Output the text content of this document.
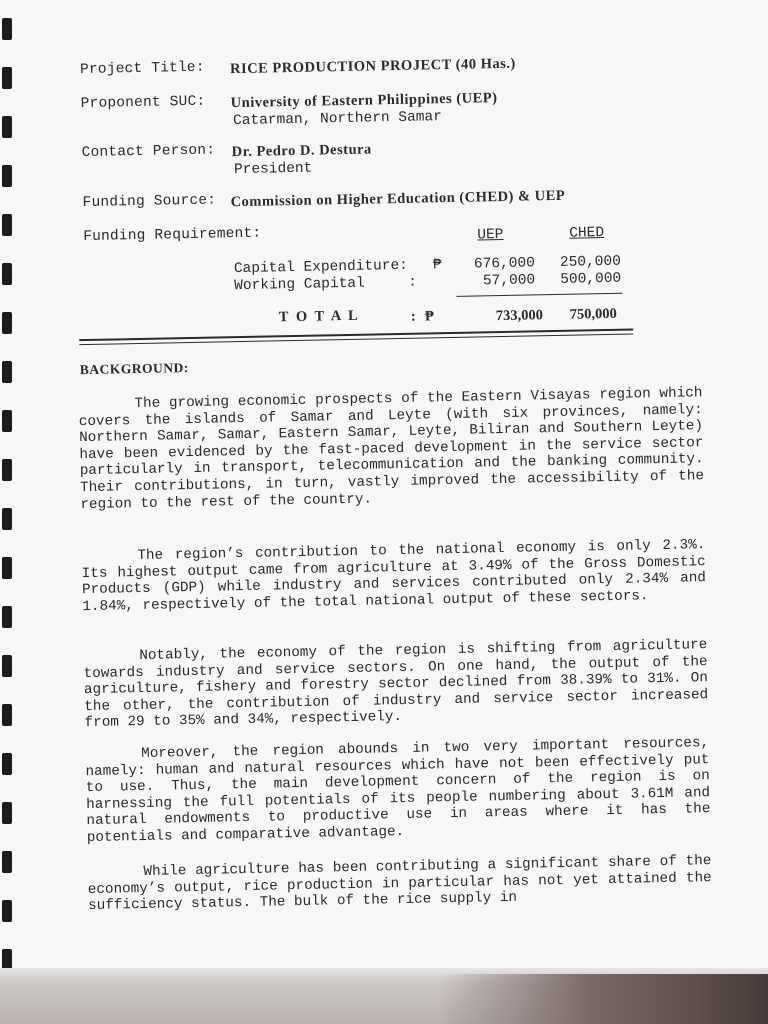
Project Title: RICE PRODUCTION PROJECT (40 Has.)
Proponent SUC: University of Eastern Philippines (UEP)
Catarman, Northern Samar
Contact Person: Dr. Pedro D. Destura
President
Funding Source: Commission on Higher Education (CHED) & UEP
Funding Requirement:	UEP	CHED
Capital Expenditure: ₱	676,000	250,000
Working Capital	:	57,000	500,000
T O T A L	: ₱	733,000	750,000
BACKGROUND:

The growing economic prospects of the Eastern Visayas region which covers the islands of Samar and Leyte (with six provinces, namely: Northern Samar, Samar, Eastern Samar, Leyte, Biliran and Southern Leyte) have been evidenced by the fast-paced development in the service sector particularly in transport, telecommunication and the banking community. Their contributions, in turn, vastly improved the accessibility of the region to the rest of the country.

The region’s contribution to the national economy is only 2.3%. Its highest output came from agriculture at 3.49% of the Gross Domestic Products (GDP) while industry and services contributed only 2.34% and 1.84%, respectively of the total national output of these sectors.

Notably, the economy of the region is shifting from agriculture towards industry and service sectors. On one hand, the output of the agriculture, fishery and forestry sector declined from 38.39% to 31%. On the other, the contribution of industry and service sector increased from 29 to 35% and 34%, respectively.

Moreover, the region abounds in two very important resources, namely: human and natural resources which have not been effectively put to use. Thus, the main development concern of the region is on harnessing the full potentials of its people numbering about 3.61M and natural endowments to productive use in areas where it has the potentials and comparative advantage.

While agriculture has been contributing a significant share of the economy’s output, rice production in particular has not yet attained the sufficiency status. The bulk of the rice supply in
